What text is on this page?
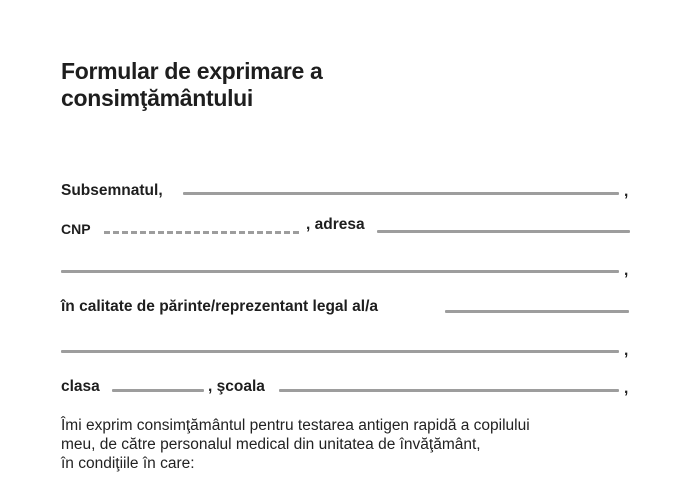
Formular de exprimare a
consimţământului
Subsemnatul,	,
CNP	, adresa
,
în calitate de părinte/reprezentant legal al/a
,
clasa	, şcoala	,

Îmi exprim consimţământul pentru testarea antigen rapidă a copilului
meu, de către personalul medical din unitatea de învăţământ,
în condiţiile în care:
